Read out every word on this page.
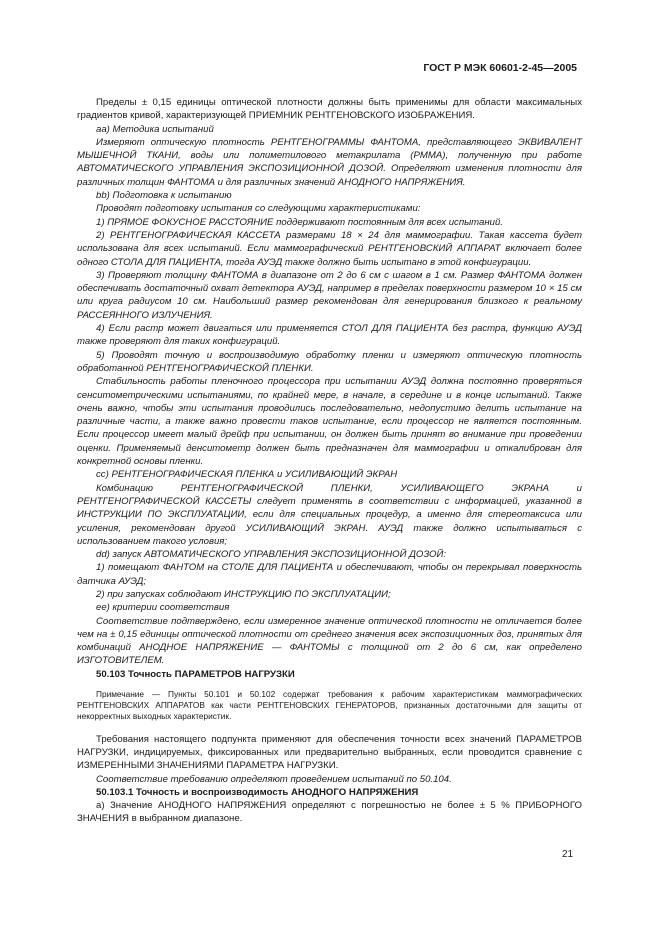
ГОСТ Р МЭК 60601-2-45—2005

Пределы ± 0,15 единицы оптической плотности должны быть применимы для области максимальных градиентов кривой, характеризующей ПРИЕМНИК РЕНТГЕНОВСКОГО ИЗОБРАЖЕНИЯ.

аа) Методика испытаний

Измеряют оптическую плотность РЕНТГЕНОГРАММЫ ФАНТОМА, представляющего ЭКВИВАЛЕНТ МЫШЕЧНОЙ ТКАНИ, воды или полиметилового метакрилата (PMMA), полученную при работе АВТОМАТИЧЕСКОГО УПРАВЛЕНИЯ ЭКСПОЗИЦИОННОЙ ДОЗОЙ. Определяют изменения плотности для различных толщин ФАНТОМА и для различных значений АНОДНОГО НАПРЯЖЕНИЯ.

bb) Подготовка к испытанию

Проводят подготовку испытания со следующими характеристиками:

1) ПРЯМОЕ ФОКУСНОЕ РАССТОЯНИЕ поддерживают постоянным для всех испытаний.

2) РЕНТГЕНОГРАФИЧЕСКАЯ КАССЕТА размерами 18 × 24 для маммографии. Такая кассета будет использована для всех испытаний. Если маммографический РЕНТГЕНОВСКИЙ АППАРАТ включает более одного СТОЛА ДЛЯ ПАЦИЕНТА, тогда АУЭД также должно быть испытано в этой конфигурации.

3) Проверяют толщину ФАНТОМА в диапазоне от 2 до 6 см с шагом в 1 см. Размер ФАНТОМА должен обеспечивать достаточный охват детектора АУЭД, например в пределах поверхности размером 10 × 15 см или круга радиусом 10 см. Наибольший размер рекомендован для генерирования близкого к реальному РАССЕЯННОГО ИЗЛУЧЕНИЯ.

4) Если растр может двигаться или применяется СТОЛ ДЛЯ ПАЦИЕНТА без растра, функцию АУЭД также проверяют для таких конфигураций.

5) Проводят точную и воспроизводимую обработку пленки и измеряют оптическую плотность обработанной РЕНТГЕНОГРАФИЧЕСКОЙ ПЛЕНКИ.

Стабильность работы пленочного процессора при испытании АУЭД должна постоянно проверяться сенситометрическими испытаниями, по крайней мере, в начале, в середине и в конце испытаний. Также очень важно, чтобы эти испытания проводились последовательно, недопустимо делить испытание на различные части, а также важно провести таков испытание, если процессор не является постоянным. Если процессор имеет малый дрейф при испытании, он должен быть принят во внимание при проведении оценки. Применяемый денситометр должен быть предназначен для маммографии и откалиброван для конкретной основы пленки.

cc) РЕНТГЕНОГРАФИЧЕСКАЯ ПЛЕНКА и УСИЛИВАЮЩИЙ ЭКРАН

Комбинацию РЕНТГЕНОГРАФИЧЕСКОЙ ПЛЕНКИ, УСИЛИВАЮЩЕГО ЭКРАНА и РЕНТГЕНОГРАФИЧЕСКОЙ КАССЕТЫ следует применять в соответствии с информацией, указанной в ИНСТРУКЦИИ ПО ЭКСПЛУАТАЦИИ, если для специальных процедур, а именно для стереотаксиса или усиления, рекомендован другой УСИЛИВАЮЩИЙ ЭКРАН. АУЭД также должно испытываться с использованием такого условия;

dd) запуск АВТОМАТИЧЕСКОГО УПРАВЛЕНИЯ ЭКСПОЗИЦИОННОЙ ДОЗОЙ:

1) помещают ФАНТОМ на СТОЛЕ ДЛЯ ПАЦИЕНТА и обеспечивают, чтобы он перекрывал поверхность датчика АУЭД;

2) при запусках соблюдают ИНСТРУКЦИЮ ПО ЭКСПЛУАТАЦИИ;

ее) критерии соответствия

Соответствие подтверждено, если измеренное значение оптической плотности не отличается более чем на ± 0,15 единицы оптической плотности от среднего значения всех экспозиционных доз, принятых для комбинаций АНОДНОЕ НАПРЯЖЕНИЕ — ФАНТОМЫ с толщиной от 2 до 6 см, как определено ИЗГОТОВИТЕЛЕМ.

50.103 Точность ПАРАМЕТРОВ НАГРУЗКИ

Примечание — Пункты 50.101 и 50.102 содержат требования к рабочим характеристикам маммографических РЕНТГЕНОВСКИХ АППАРАТОВ как части РЕНТГЕНОВСКИХ ГЕНЕРАТОРОВ, признанных достаточными для защиты от некорректных выходных характеристик.

Требования настоящего подпункта применяют для обеспечения точности всех значений ПАРАМЕТРОВ НАГРУЗКИ, индицируемых, фиксированных или предварительно выбранных, если проводится сравнение с ИЗМЕРЕННЫМИ ЗНАЧЕНИЯМИ ПАРАМЕТРА НАГРУЗКИ.

Соответствие требованию определяют проведением испытаний по 50.104.

50.103.1 Точность и воспроизводимость АНОДНОГО НАПРЯЖЕНИЯ

а) Значение АНОДНОГО НАПРЯЖЕНИЯ определяют с погрешностью не более ± 5 % ПРИБОРНОГО ЗНАЧЕНИЯ в выбранном диапазоне.

21
